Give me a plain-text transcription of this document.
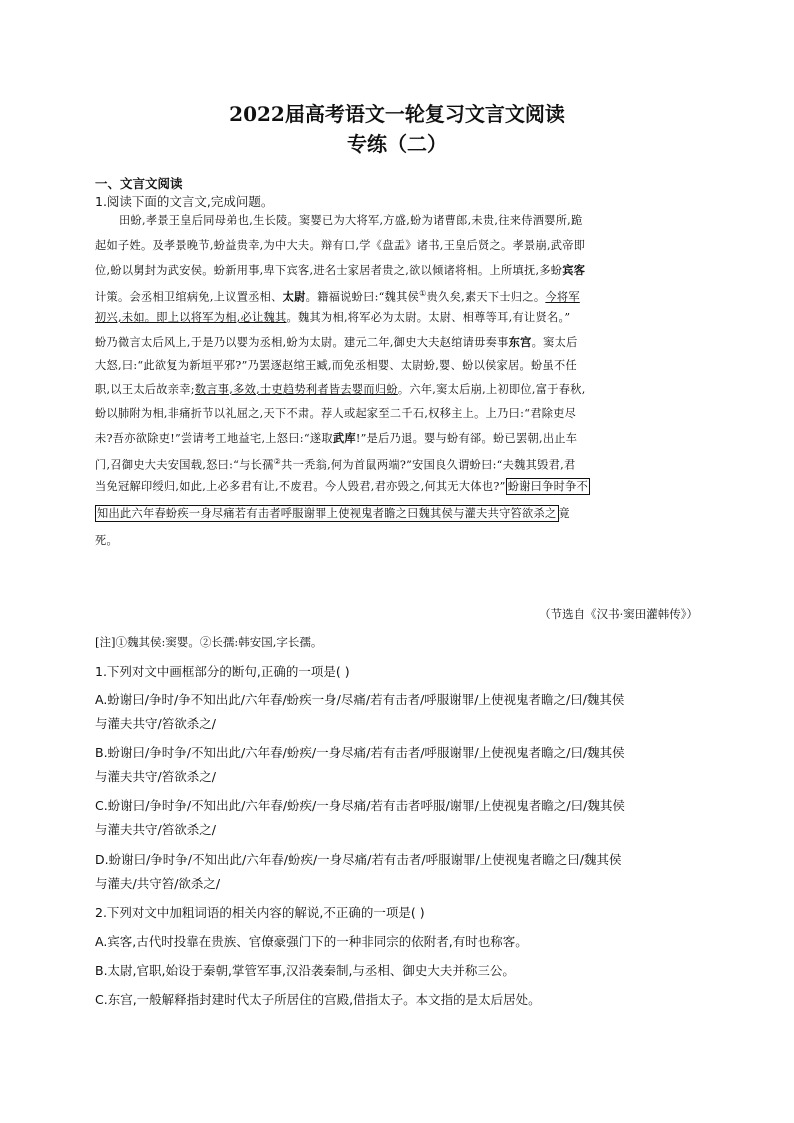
2022届高考语文一轮复习文言文阅读
专练（二）
一、文言文阅读
1.阅读下面的文言文,完成问题。
田蚡,孝景王皇后同母弟也,生长陵。窦婴已为大将军,方盛,蚡为诸曹郎,未贵,往来侍酒婴所,跪
起如子姓。及孝景晚节,蚡益贵幸,为中大夫。辩有口,学《盘盂》诸书,王皇后贤之。孝景崩,武帝即
位,蚡以舅封为武安侯。蚡新用事,卑下宾客,进名士家居者贵之,欲以倾诸将相。上所填抚,多蚡宾客
计策。会丞相卫绾病免,上议置丞相、太尉。籍福说蚡曰:“魏其侯①贵久矣,素天下士归之。今将军
初兴,未如。即上以将军为相,必让魏其。魏其为相,将军必为太尉。太尉、相尊等耳,有让贤名。”
蚡乃微言太后风上,于是乃以婴为丞相,蚡为太尉。建元二年,御史大夫赵绾请毋奏事东宫。窦太后
大怒,曰:“此欲复为新垣平邪?”乃罢逐赵绾王臧,而免丞相婴、太尉蚡,婴、蚡以侯家居。蚡虽不任
职,以王太后故亲幸;数言事,多效,士吏趋势利者皆去婴而归蚡。六年,窦太后崩,上初即位,富于春秋,
蚡以肺附为相,非痛折节以礼屈之,天下不肃。荐人或起家至二千石,权移主上。上乃曰:“君除吏尽
未?吾亦欲除吏!”尝请考工地益宅,上怒曰:“遂取武库!”是后乃退。婴与蚡有郤。蚡已罢朝,出止车
门,召御史大夫安国载,怒曰:“与长孺②共一秃翁,何为首鼠两端?”安国良久谓蚡曰:“夫魏其毁君,君
当免冠解印绶归,如此,上必多君有让,不废君。今人毁君,君亦毁之,何其无大体也?” 蚡谢曰争时争不
知出此六年春蚡疾一身尽痛若有击者呼服谢罪上使视鬼者瞻之曰魏其侯与灌夫共守笞欲杀之 竟
死。
（节选自《汉书·窦田灌韩传》）
[注]①魏其侯:窦婴。②长孺:韩安国,字长孺。
1.下列对文中画框部分的断句,正确的一项是( )
A.蚡谢曰/争时/争不知出此/六年春/蚡疾一身/尽痛/若有击者/呼服谢罪/上使视鬼者瞻之/曰/魏其侯
与灌夫共守/笞欲杀之/
B.蚡谢曰/争时争/不知出此/六年春/蚡疾/一身尽痛/若有击者/呼服谢罪/上使视鬼者瞻之/曰/魏其侯
与灌夫共守/笞欲杀之/
C.蚡谢曰/争时争/不知出此/六年春/蚡疾/一身尽痛/若有击者呼服/谢罪/上使视鬼者瞻之/曰/魏其侯
与灌夫共守/笞欲杀之/
D.蚡谢曰/争时争/不知出此/六年春/蚡疾/一身尽痛/若有击者/呼服谢罪/上使视鬼者瞻之曰/魏其侯
与灌夫/共守笞/欲杀之/
2.下列对文中加粗词语的相关内容的解说,不正确的一项是( )
A.宾客,古代时投靠在贵族、官僚豪强门下的一种非同宗的依附者,有时也称客。
B.太尉,官职,始设于秦朝,掌管军事,汉沿袭秦制,与丞相、御史大夫并称三公。
C.东宫,一般解释指封建时代太子所居住的宫殿,借指太子。本文指的是太后居处。
